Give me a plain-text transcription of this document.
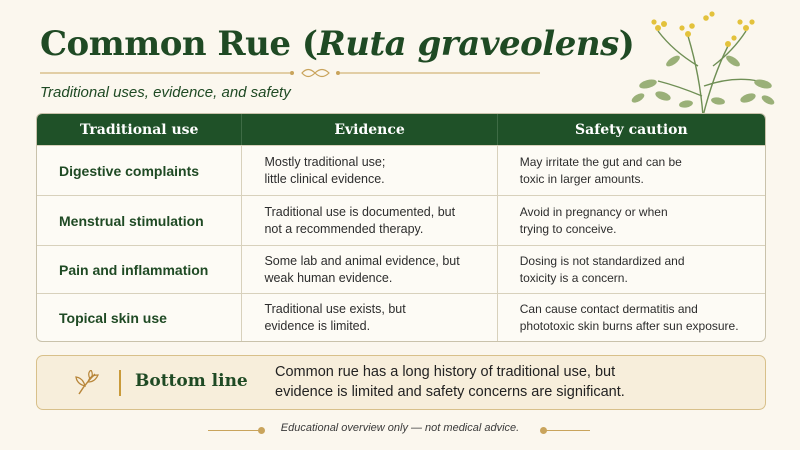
Common Rue (Ruta graveolens)
Traditional uses, evidence, and safety
Traditional use	Evidence	Safety caution
Digestive complaints
Mostly traditional use;
little clinical evidence.
May irritate the gut and can be
toxic in larger amounts.
Menstrual stimulation
Traditional use is documented, but
not a recommended therapy.
Avoid in pregnancy or when
trying to conceive.
Pain and inflammation
Some lab and animal evidence, but
weak human evidence.
Dosing is not standardized and
toxicity is a concern.
Topical skin use
Traditional use exists, but
evidence is limited.
Can cause contact dermatitis and
phototoxic skin burns after sun exposure.
Bottom line Common rue has a long history of traditional use, but
evidence is limited and safety concerns are significant.
Educational overview only — not medical advice.
